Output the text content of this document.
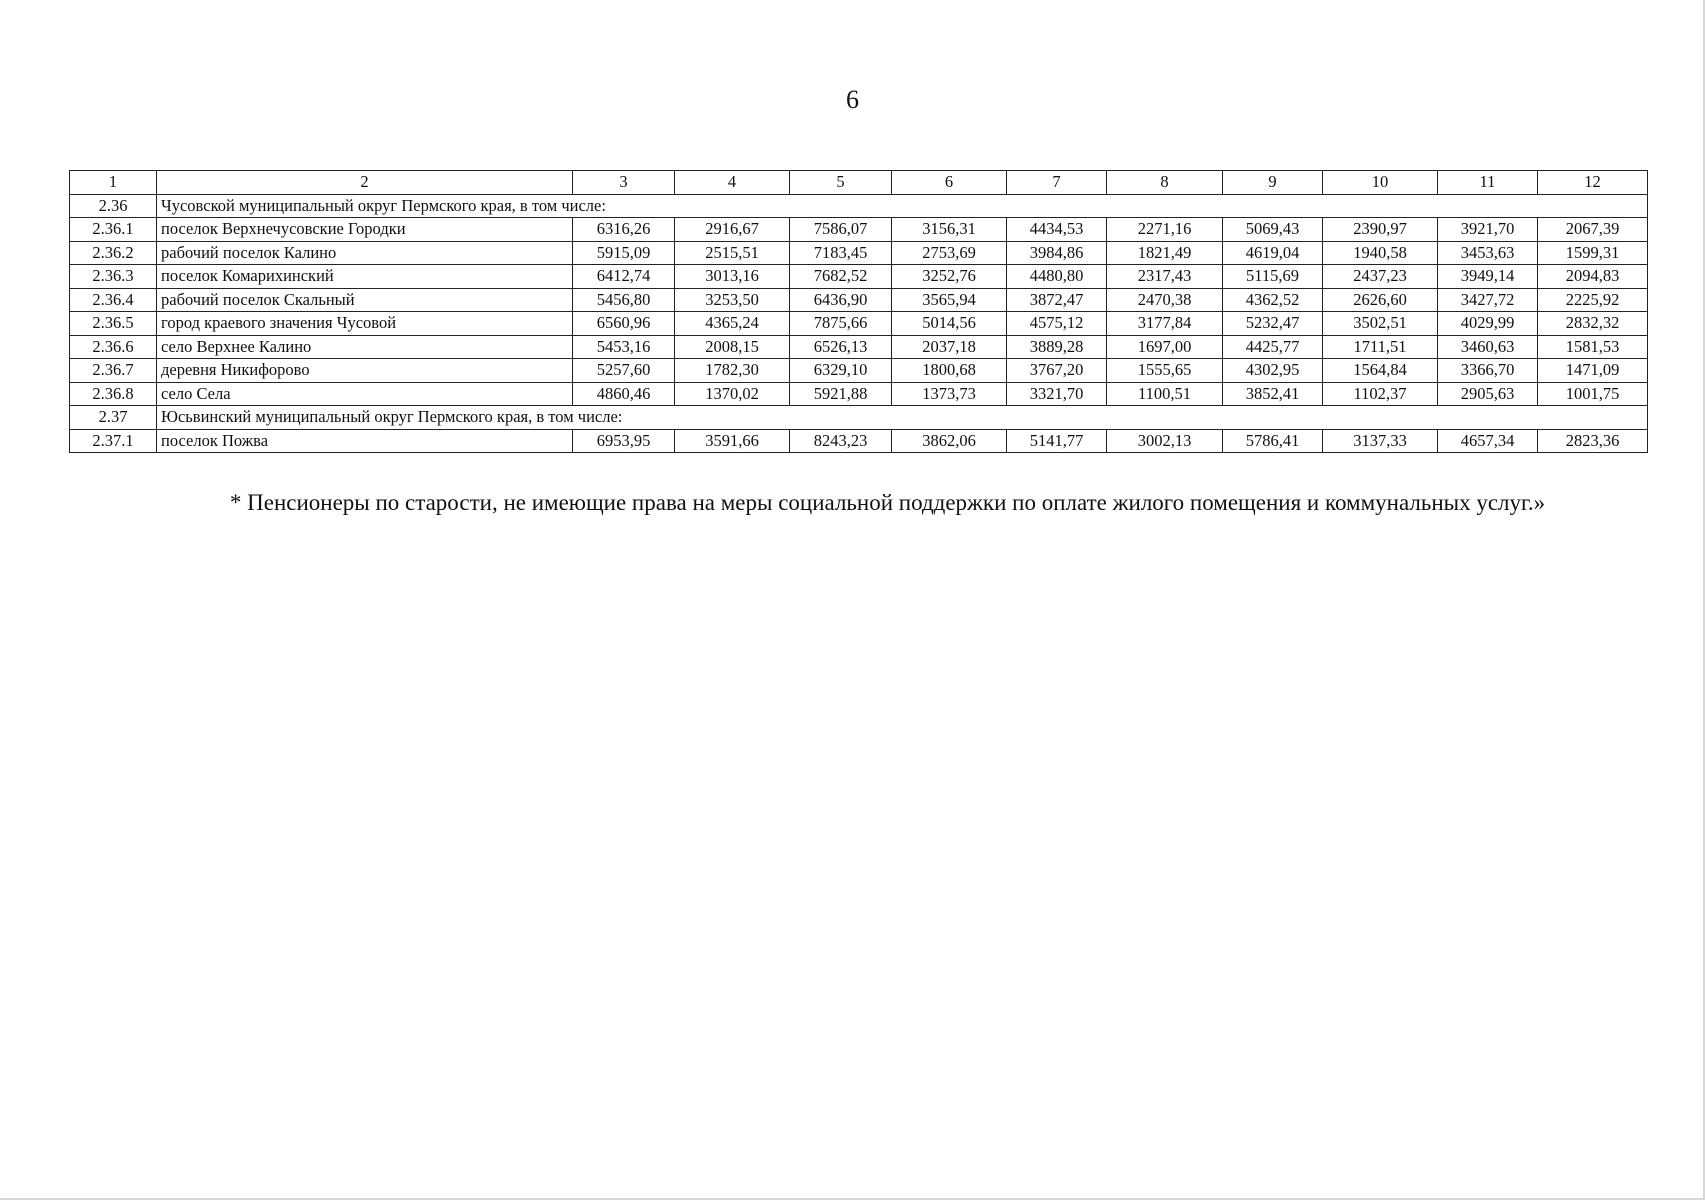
6
1	2	3	4	5	6	7	8	9	10	11	12
2.36	Чусовской муниципальный округ Пермского края, в том числе:										
2.36.1	поселок Верхнечусовские Городки	6316,26	2916,67	7586,07	3156,31	4434,53	2271,16	5069,43	2390,97	3921,70	2067,39
2.36.2	рабочий поселок Калино	5915,09	2515,51	7183,45	2753,69	3984,86	1821,49	4619,04	1940,58	3453,63	1599,31
2.36.3	поселок Комарихинский	6412,74	3013,16	7682,52	3252,76	4480,80	2317,43	5115,69	2437,23	3949,14	2094,83
2.36.4	рабочий поселок Скальный	5456,80	3253,50	6436,90	3565,94	3872,47	2470,38	4362,52	2626,60	3427,72	2225,92
2.36.5	город краевого значения Чусовой	6560,96	4365,24	7875,66	5014,56	4575,12	3177,84	5232,47	3502,51	4029,99	2832,32
2.36.6	село Верхнее Калино	5453,16	2008,15	6526,13	2037,18	3889,28	1697,00	4425,77	1711,51	3460,63	1581,53
2.36.7	деревня Никифорово	5257,60	1782,30	6329,10	1800,68	3767,20	1555,65	4302,95	1564,84	3366,70	1471,09
2.36.8	село Села	4860,46	1370,02	5921,88	1373,73	3321,70	1100,51	3852,41	1102,37	2905,63	1001,75
2.37	Юсьвинский муниципальный округ Пермского края, в том числе:										
2.37.1	поселок Пожва	6953,95	3591,66	8243,23	3862,06	5141,77	3002,13	5786,41	3137,33	4657,34	2823,36
* Пенсионеры по старости, не имеющие права на меры социальной поддержки по оплате жилого помещения и коммунальных услуг.»
